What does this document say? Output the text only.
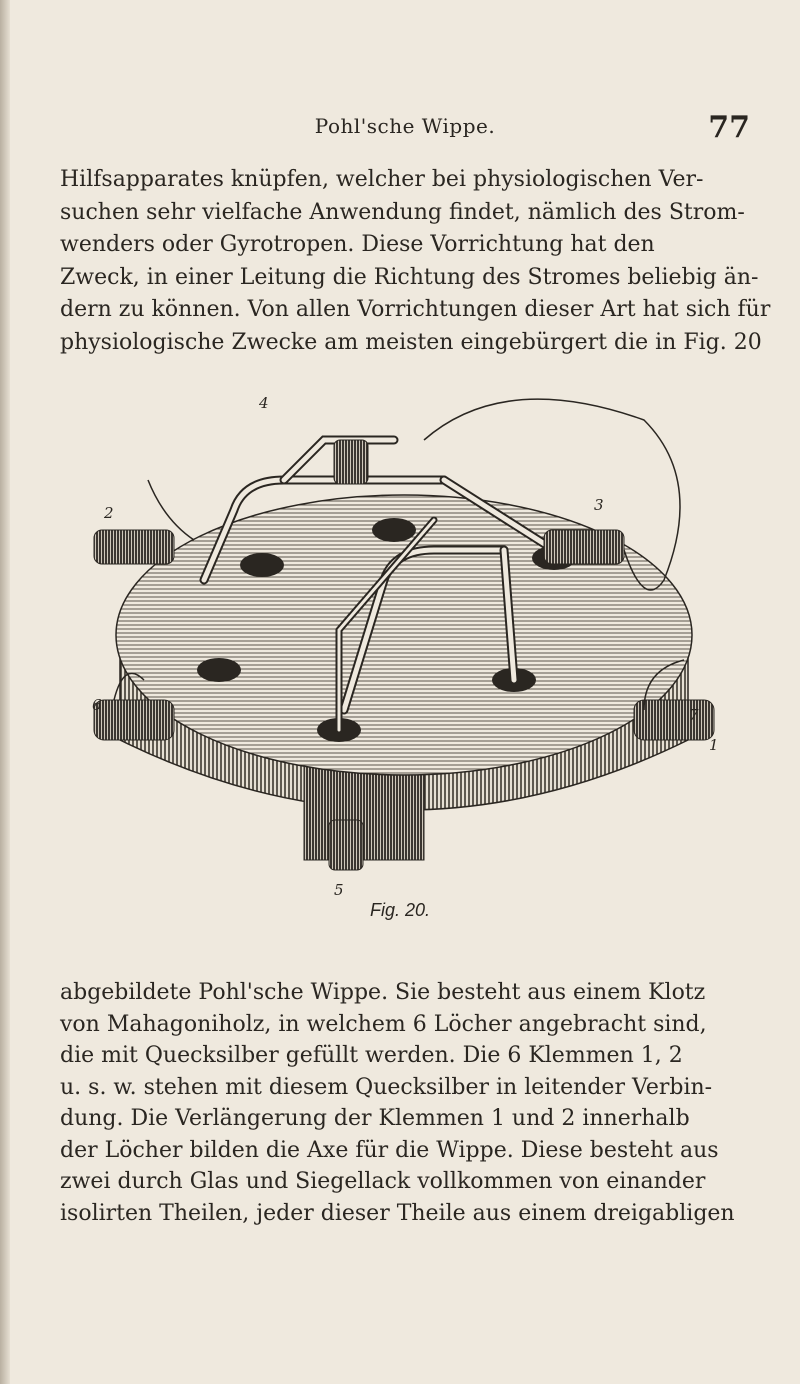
Pohl'sche Wippe.	77
Hilfsapparates knüpfen, welcher bei physiologischen Ver-
suchen sehr vielfache Anwendung findet, nämlich des Strom-
wenders oder Gyrotropen. Diese Vorrichtung hat den
Zweck, in einer Leitung die Richtung des Stromes beliebig än-
dern zu können. Von allen Vorrichtungen dieser Art hat sich für
physiologische Zwecke am meisten eingebürgert die in Fig. 20
4
2	3
6
7
1
5
Fig. 20.
abgebildete Pohl'sche Wippe. Sie besteht aus einem Klotz
von Mahagoniholz, in welchem 6 Löcher angebracht sind,
die mit Quecksilber gefüllt werden. Die 6 Klemmen 1, 2
u. s. w. stehen mit diesem Quecksilber in leitender Verbin-
dung. Die Verlängerung der Klemmen 1 und 2 innerhalb
der Löcher bilden die Axe für die Wippe. Diese besteht aus
zwei durch Glas und Siegellack vollkommen von einander
isolirten Theilen, jeder dieser Theile aus einem dreigabligen
